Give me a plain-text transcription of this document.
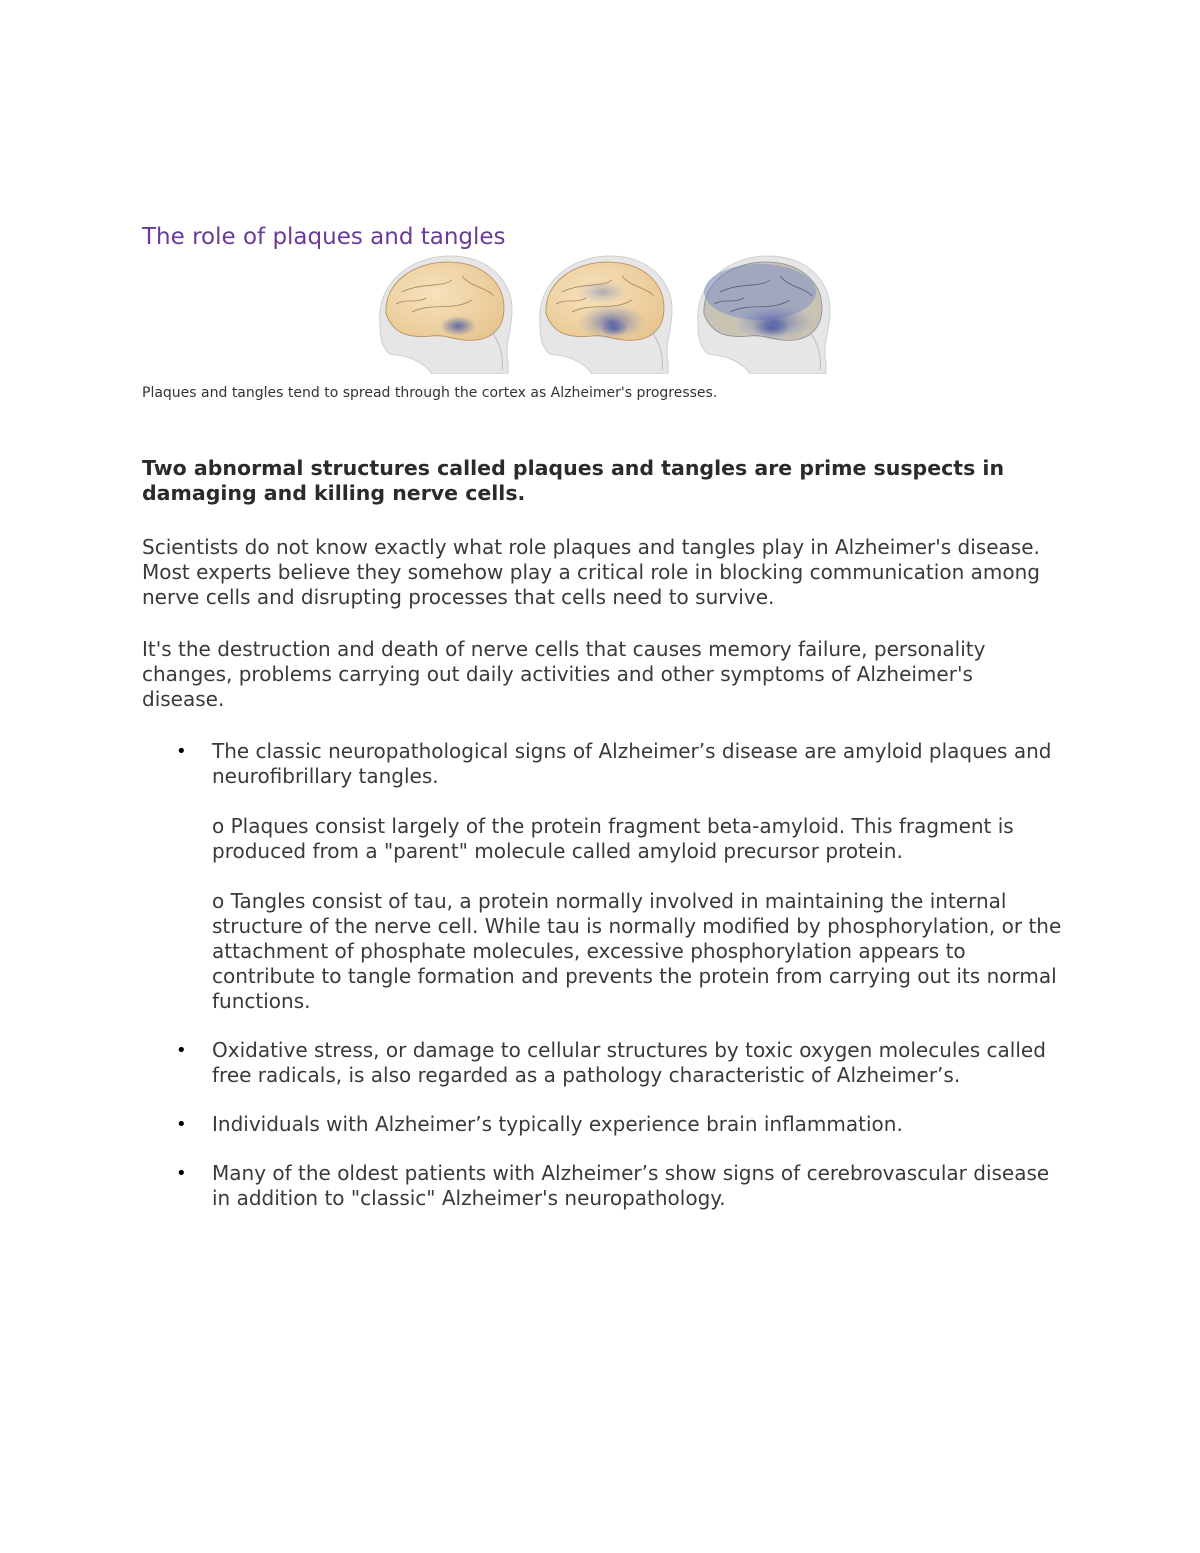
The role of plaques and tangles
Plaques and tangles tend to spread through the cortex as Alzheimer's progresses.

Two abnormal structures called plaques and tangles are prime suspects in damaging and killing nerve cells.

Scientists do not know exactly what role plaques and tangles play in Alzheimer's disease. Most experts believe they somehow play a critical role in blocking communication among nerve cells and disrupting processes that cells need to survive.

It's the destruction and death of nerve cells that causes memory failure, personality changes, problems carrying out daily activities and other symptoms of Alzheimer's disease.

• The classic neuropathological signs of Alzheimer’s disease are amyloid plaques and neurofibrillary tangles.
o Plaques consist largely of the protein fragment beta-amyloid. This fragment is produced from a "parent" molecule called amyloid precursor protein.
o Tangles consist of tau, a protein normally involved in maintaining the internal structure of the nerve cell. While tau is normally modified by phosphorylation, or the attachment of phosphate molecules, excessive phosphorylation appears to contribute to tangle formation and prevents the protein from carrying out its normal functions.
• Oxidative stress, or damage to cellular structures by toxic oxygen molecules called free radicals, is also regarded as a pathology characteristic of Alzheimer’s.
• Individuals with Alzheimer’s typically experience brain inflammation.
• Many of the oldest patients with Alzheimer’s show signs of cerebrovascular disease in addition to "classic" Alzheimer's neuropathology.
